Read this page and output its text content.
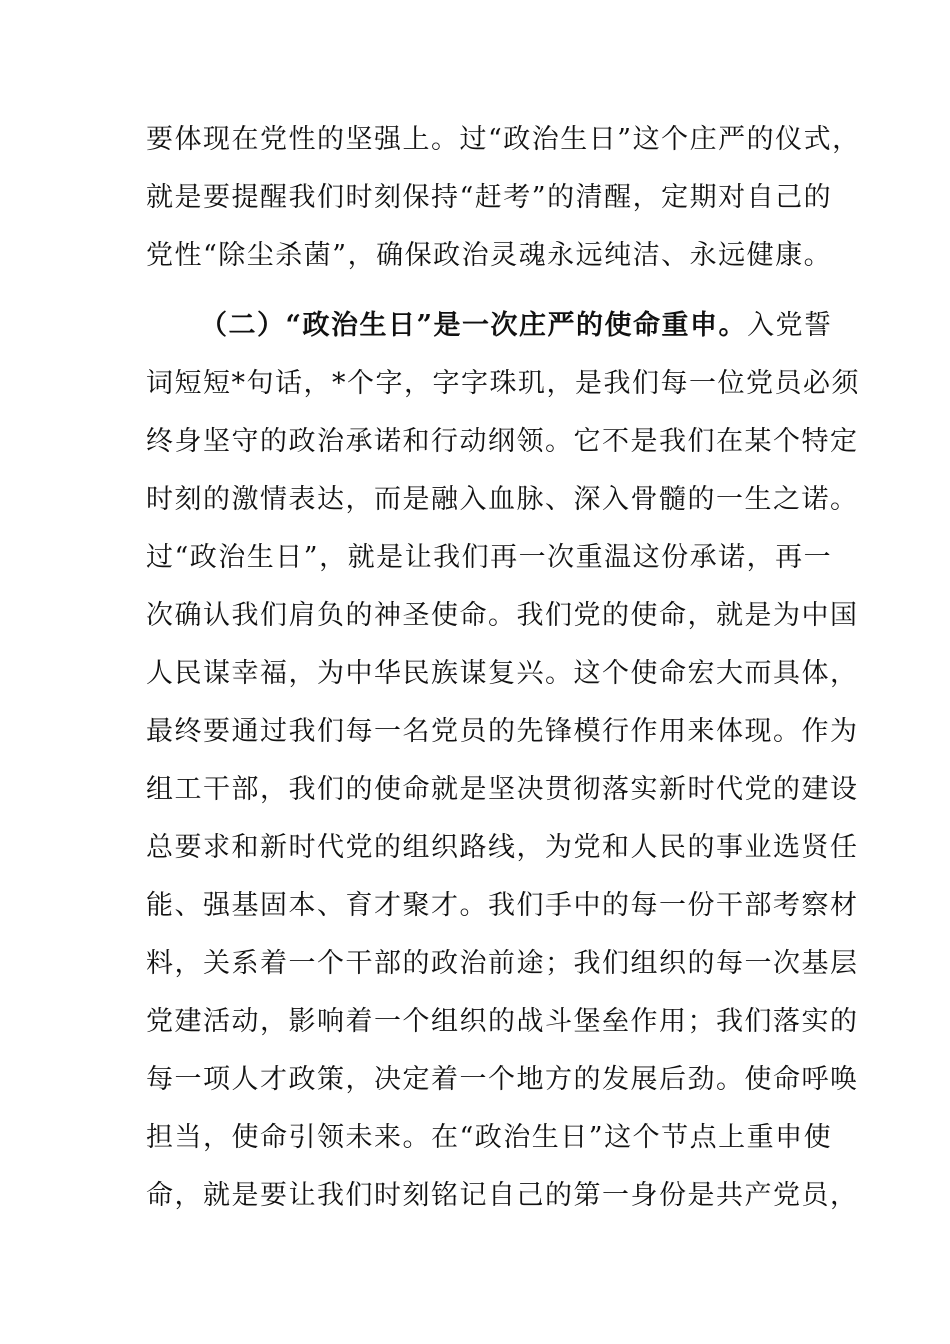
要体现在党性的坚强上。过“政治生日”这个庄严的仪式，
就是要提醒我们时刻保持“赶考”的清醒，定期对自己的
党性“除尘杀菌”，确保政治灵魂永远纯洁、永远健康。
（二）“政治生日”是一次庄严的使命重申。入党誓
词短短*句话，*个字，字字珠玑，是我们每一位党员必须
终身坚守的政治承诺和行动纲领。它不是我们在某个特定
时刻的激情表达，而是融入血脉、深入骨髓的一生之诺。
过“政治生日”，就是让我们再一次重温这份承诺，再一
次确认我们肩负的神圣使命。我们党的使命，就是为中国
人民谋幸福，为中华民族谋复兴。这个使命宏大而具体，
最终要通过我们每一名党员的先锋模行作用来体现。作为
组工干部，我们的使命就是坚决贯彻落实新时代党的建设
总要求和新时代党的组织路线，为党和人民的事业选贤任
能、强基固本、育才聚才。我们手中的每一份干部考察材
料，关系着一个干部的政治前途；我们组织的每一次基层
党建活动，影响着一个组织的战斗堡垒作用；我们落实的
每一项人才政策，决定着一个地方的发展后劲。使命呼唤
担当，使命引领未来。在“政治生日”这个节点上重申使
命，就是要让我们时刻铭记自己的第一身份是共产党员，
